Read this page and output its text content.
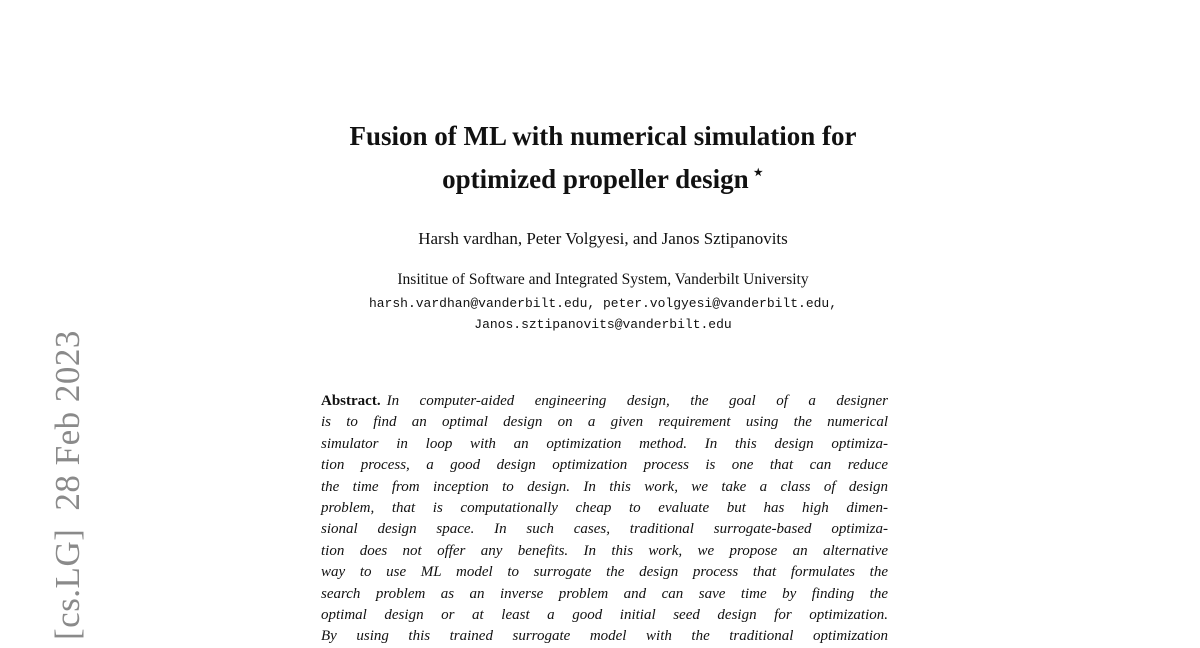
[cs.LG]28 Feb 2023
Fusion of ML with numerical simulation for
optimized propeller design ⋆
Harsh vardhan, Peter Volgyesi, and Janos Sztipanovits
Insititue of Software and Integrated System, Vanderbilt University
harsh.vardhan@vanderbilt.edu, peter.volgyesi@vanderbilt.edu,
Janos.sztipanovits@vanderbilt.edu
Abstract. In computer-aided engineering design, the goal of a designer
is to find an optimal design on a given requirement using the numerical
simulator in loop with an optimization method. In this design optimiza-
tion process, a good design optimization process is one that can reduce
the time from inception to design. In this work, we take a class of design
problem, that is computationally cheap to evaluate but has high dimen-
sional design space. In such cases, traditional surrogate-based optimiza-
tion does not offer any benefits. In this work, we propose an alternative
way to use ML model to surrogate the design process that formulates the
search problem as an inverse problem and can save time by finding the
optimal design or at least a good initial seed design for optimization.
By using this trained surrogate model with the traditional optimization
